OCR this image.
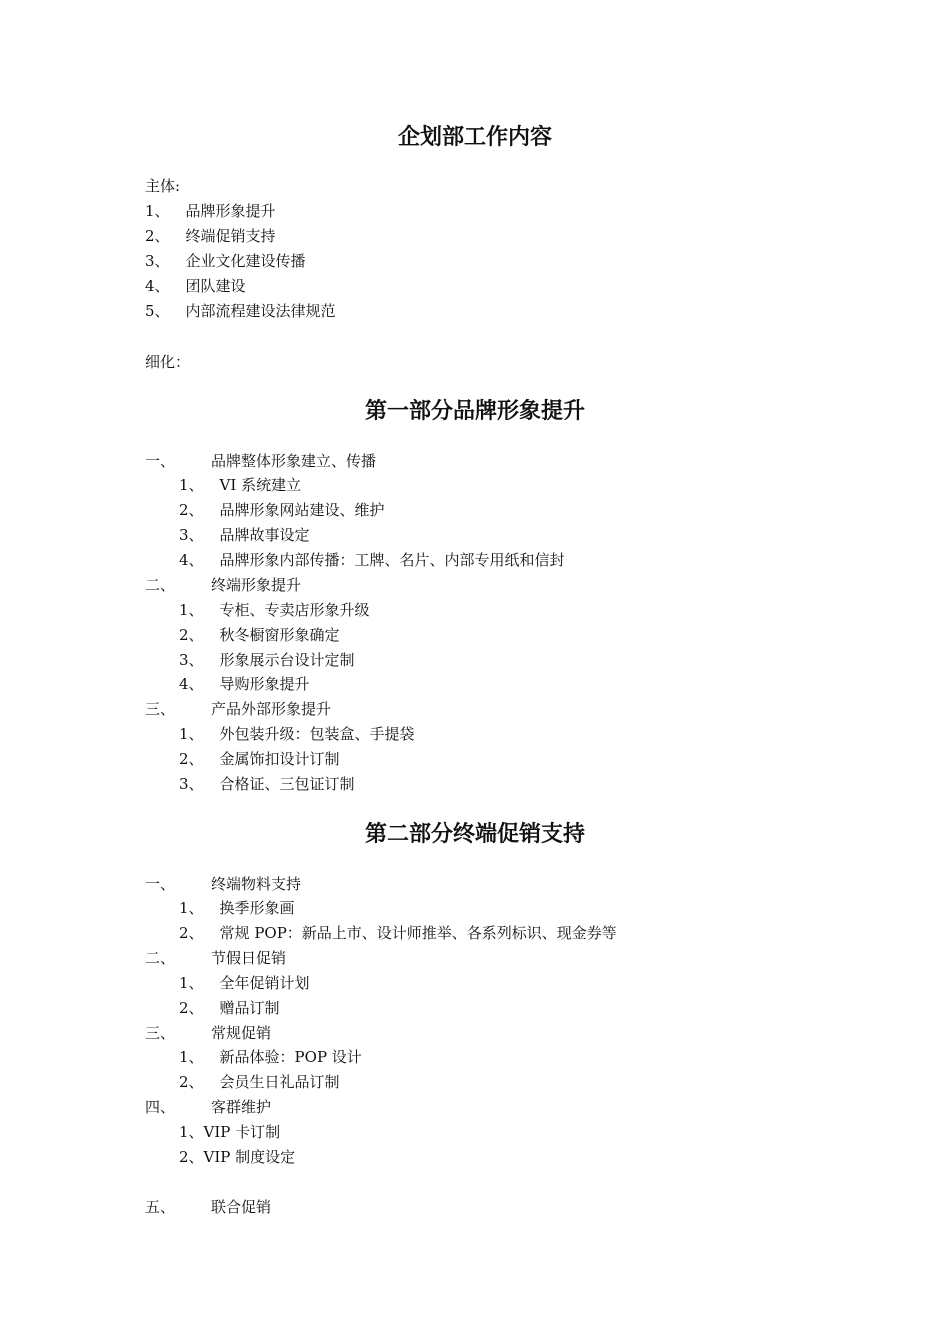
企划部工作内容
主体:
1、 品牌形象提升
2、 终端促销支持
3、 企业文化建设传播
4、 团队建设
5、 内部流程建设法律规范
细化：
第一部分品牌形象提升
一、 品牌整体形象建立、传播
1、 VI 系统建立
2、 品牌形象网站建设、维护
3、 品牌故事设定
4、 品牌形象内部传播：工牌、名片、内部专用纸和信封
二、 终端形象提升
1、 专柜、专卖店形象升级
2、 秋冬橱窗形象确定
3、 形象展示台设计定制
4、 导购形象提升
三、 产品外部形象提升
1、 外包装升级：包装盒、手提袋
2、 金属饰扣设计订制
3、 合格证、三包证订制
第二部分终端促销支持
一、 终端物料支持
1、 换季形象画
2、 常规 POP：新品上市、设计师推举、各系列标识、现金券等
二、 节假日促销
1、 全年促销计划
2、 赠品订制
三、 常规促销
1、 新品体验：POP 设计
2、 会员生日礼品订制
四、 客群维护
1、VIP 卡订制
2、VIP 制度设定
五、 联合促销
